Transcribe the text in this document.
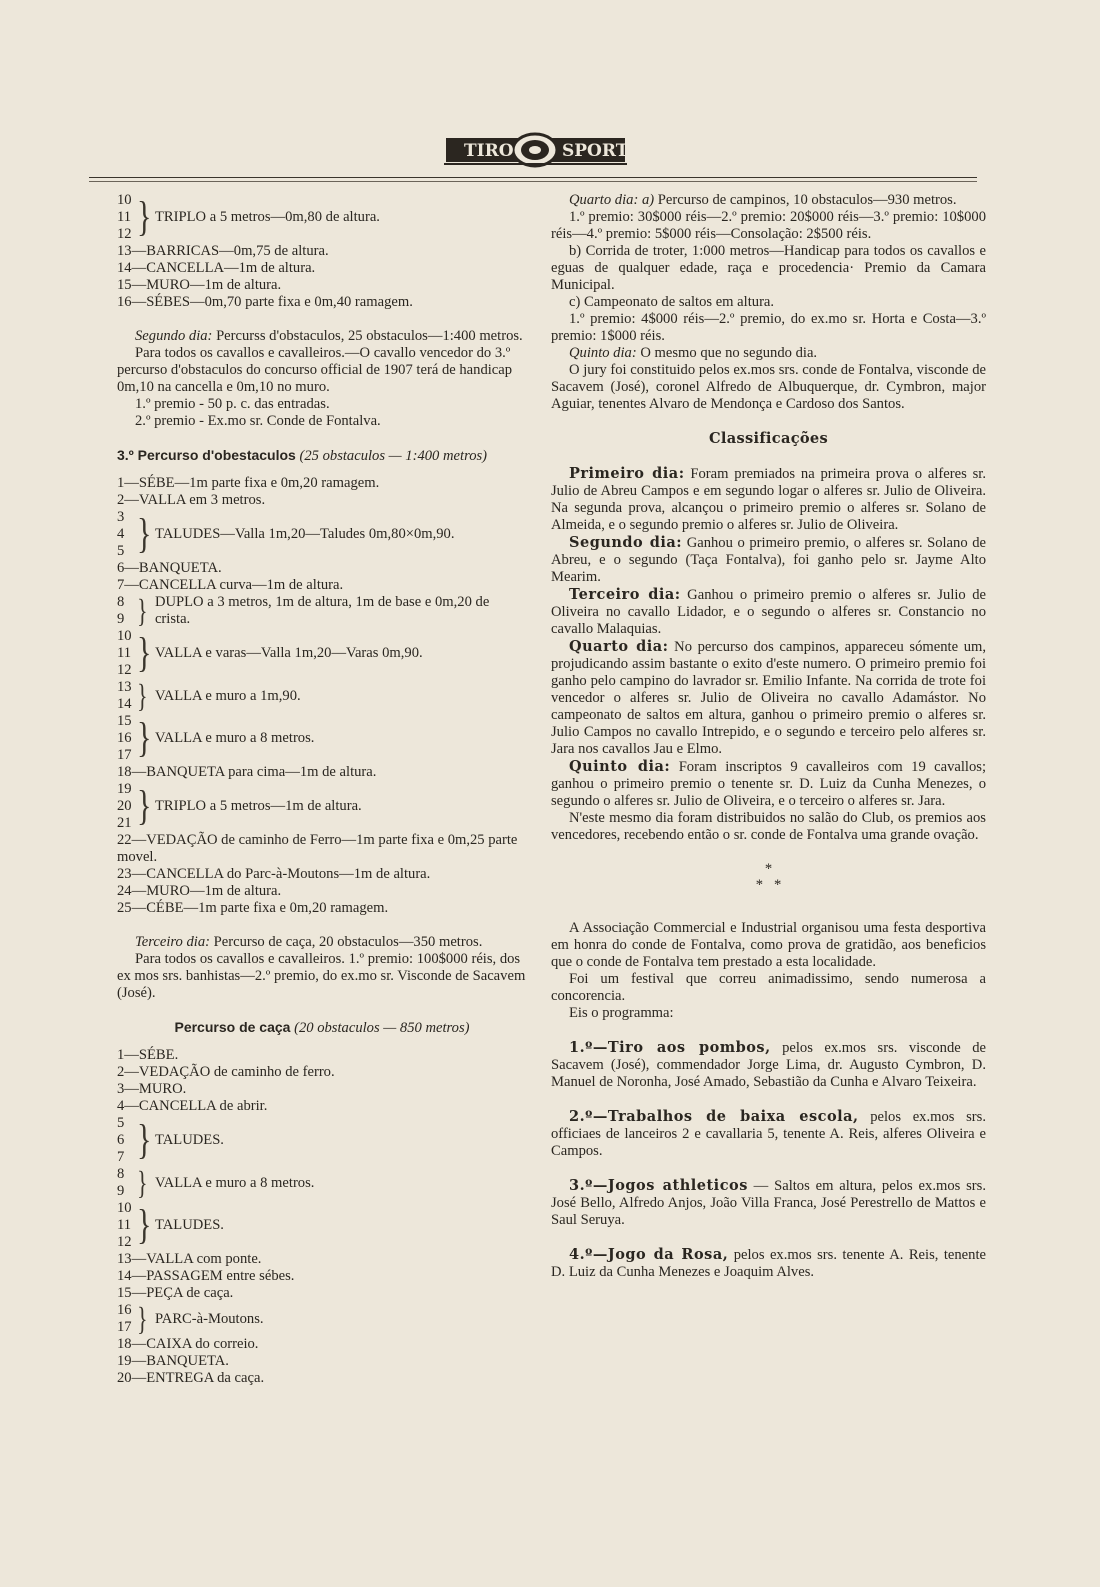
TIRO	SPORT
10
11
12 } TRIPLO a 5 metros—0m,80 de altura.
13—BARRICAS—0m,75 de altura.
14—CANCELLA—1m de altura.
15—MURO—1m de altura.
16—SÉBES—0m,70 parte fixa e 0m,40 ramagem.

Segundo dia: Percurss d'obstaculos, 25 obstaculos—1:400 metros.

Para todos os cavallos e cavalleiros.—O cavallo vencedor do 3.º percurso d'obstaculos do concurso official de 1907 terá de handicap 0m,10 na cancella e 0m,10 no muro.

1.º premio - 50 p. c. das entradas.

2.º premio - Ex.mo sr. Conde de Fontalva.

3.º Percurso d'obestaculos (25 obstaculos — 1:400 metros)

1—SÉBE—1m parte fixa e 0m,20 ramagem.
2—VALLA em 3 metros.
3
4
5 } TALUDES—Valla 1m,20—Taludes 0m,80×0m,90.
6—BANQUETA.
7—CANCELLA curva—1m de altura.
8
9 } DUPLO a 3 metros, 1m de altura, 1m de base e 0m,20 de crista.
10
11
12 } VALLA e varas—Valla 1m,20—Varas 0m,90.
13
14 } VALLA e muro a 1m,90.
15
16
17 } VALLA e muro a 8 metros.
18—BANQUETA para cima—1m de altura.
19
20
21 } TRIPLO a 5 metros—1m de altura.
22—VEDAÇÃO de caminho de Ferro—1m parte fixa e 0m,25 parte movel.
23—CANCELLA do Parc-à-Moutons—1m de altura.
24—MURO—1m de altura.
25—CÉBE—1m parte fixa e 0m,20 ramagem.

Terceiro dia: Percurso de caça, 20 obstaculos—350 metros.

Para todos os cavallos e cavalleiros. 1.º premio: 100$000 réis, dos ex mos srs. banhistas—2.º premio, do ex.mo sr. Visconde de Sacavem (José).

Percurso de caça (20 obstaculos — 850 metros)

1—SÉBE.
2—VEDAÇÃO de caminho de ferro.
3—MURO.
4—CANCELLA de abrir.
5
6
7 } TALUDES.
8
9 } VALLA e muro a 8 metros.
10
11
12 } TALUDES.
13—VALLA com ponte.
14—PASSAGEM entre sébes.
15—PEÇA de caça.
16
17 } PARC-à-Moutons.
18—CAIXA do correio.
19—BANQUETA.
20—ENTREGA da caça.

Quarto dia: a) Percurso de campinos, 10 obstaculos—930 metros.

1.º premio: 30$000 réis—2.º premio: 20$000 réis—3.º premio: 10$000 réis—4.º premio: 5$000 réis—Consolação: 2$500 réis.

b) Corrida de troter, 1:000 metros—Handicap para todos os cavallos e eguas de qualquer edade, raça e procedencia· Premio da Camara Municipal.

c) Campeonato de saltos em altura.

1.º premio: 4$000 réis—2.º premio, do ex.mo sr. Horta e Costa—3.º premio: 1$000 réis.

Quinto dia: O mesmo que no segundo dia.

O jury foi constituido pelos ex.mos srs. conde de Fontalva, visconde de Sacavem (José), coronel Alfredo de Albuquerque, dr. Cymbron, major Aguiar, tenentes Alvaro de Mendonça e Cardoso dos Santos.

Classificações

Primeiro dia: Foram premiados na primeira prova o alferes sr. Julio de Abreu Campos e em segundo logar o alferes sr. Julio de Oliveira. Na segunda prova, alcançou o primeiro premio o alferes sr. Solano de Almeida, e o segundo premio o alferes sr. Julio de Oliveira.

Segundo dia: Ganhou o primeiro premio, o alferes sr. Solano de Abreu, e o segundo (Taça Fontalva), foi ganho pelo sr. Jayme Alto Mearim.

Terceiro dia: Ganhou o primeiro premio o alferes sr. Julio de Oliveira no cavallo Lidador, e o segundo o alferes sr. Constancio no cavallo Malaquias.

Quarto dia: No percurso dos campinos, appareceu sómente um, projudicando assim bastante o exito d'este numero. O primeiro premio foi ganho pelo campino do lavrador sr. Emilio Infante. Na corrida de trote foi vencedor o alferes sr. Julio de Oliveira no cavallo Adamástor. No campeonato de saltos em altura, ganhou o primeiro premio o alferes sr. Julio Campos no cavallo Intrepido, e o segundo e terceiro pelo alferes sr. Jara nos cavallos Jau e Elmo.

Quinto dia: Foram inscriptos 9 cavalleiros com 19 cavallos; ganhou o primeiro premio o tenente sr. D. Luiz da Cunha Menezes, o segundo o alferes sr. Julio de Oliveira, e o terceiro o alferes sr. Jara.

N'este mesmo dia foram distribuidos no salão do Club, os premios aos vencedores, recebendo então o sr. conde de Fontalva uma grande ovação.

*
*   *

A Associação Commercial e Industrial organisou uma festa desportiva em honra do conde de Fontalva, como prova de gratidão, aos beneficios que o conde de Fontalva tem prestado a esta localidade.

Foi um festival que correu animadissimo, sendo numerosa a concorencia.

Eis o programma:

1.º—Tiro aos pombos, pelos ex.mos srs. visconde de Sacavem (José), commendador Jorge Lima, dr. Augusto Cymbron, D. Manuel de Noronha, José Amado, Sebastião da Cunha e Alvaro Teixeira.

2.º—Trabalhos de baixa escola, pelos ex.mos srs. officiaes de lanceiros 2 e cavallaria 5, tenente A. Reis, alferes Oliveira e Campos.

3.º—Jogos athleticos — Saltos em altura, pelos ex.mos srs. José Bello, Alfredo Anjos, João Villa Franca, José Perestrello de Mattos e Saul Seruya.

4.º—Jogo da Rosa, pelos ex.mos srs. tenente A. Reis, tenente D. Luiz da Cunha Menezes e Joaquim Alves.
